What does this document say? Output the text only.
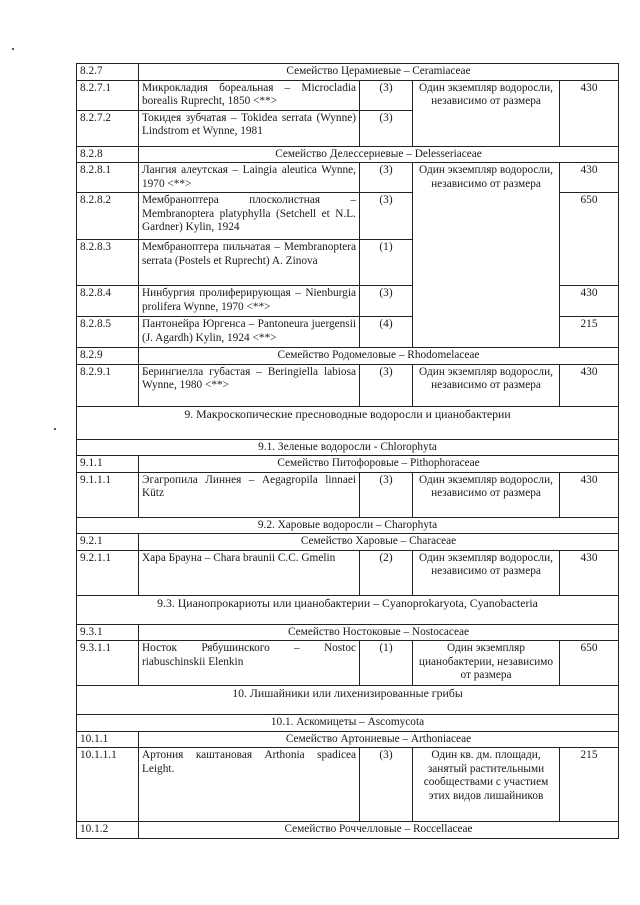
8.2.7	Семейство Церамиевые – Ceramiaceae			
8.2.7.1	Микрокладия бореальная – Microcladia borealis Ruprecht, 1850 <**>	(3)	Один экземпляр водоросли, независимо от размера	430
8.2.7.2	Токидея зубчатая – Tokidea serrata (Wynne) Lindstrom et Wynne, 1981	(3)		
8.2.8	Семейство Делессериевые – Delesseriaceae			
8.2.8.1	Лангия алеутская – Laingia aleutica Wynne, 1970 <**>	(3)	Один экземпляр водоросли, независимо от размера	430
8.2.8.2	Мембраноптера плосколистная – Membranoptera platyphylla (Setchell et N.L. Gardner) Kylin, 1924	(3)		650
8.2.8.3	Мембраноптера пильчатая – Membranoptera serrata (Postels et Ruprecht) A. Zinova	(1)		
8.2.8.4	Нинбургия пролиферирующая – Nienburgia prolifera Wynne, 1970 <**>	(3)		430
8.2.8.5	Пантонейра Юргенса – Pantoneura juergensii (J. Agardh) Kylin, 1924 <**>	(4)		215
8.2.9	Семейство Родомеловые – Rhodomelaceae			
8.2.9.1	Берингиелла губастая – Beringiella labiosa Wynne, 1980 <**>	(3)	Один экземпляр водоросли, независимо от размера	430
9. Макроскопические пресноводные водоросли и цианобактерии				
9.1. Зеленые водоросли - Chlorophyta				
9.1.1	Семейство Питофоровые – Pithophoraceae			
9.1.1.1	Эгагропила Линнея – Aegagropila linnaei Kütz	(3)	Один экземпляр водоросли, независимо от размера	430
9.2. Харовые водоросли – Charophyta				
9.2.1	Семейство Харовые – Characeae			
9.2.1.1	Хара Брауна – Chara braunii C.C. Gmelin	(2)	Один экземпляр водоросли, независимо от размера	430
9.3. Цианопрокариоты или цианобактерии – Cyanoprokaryota, Cyanobacteria				
9.3.1	Семейство Ностоковые – Nostocaceae			
9.3.1.1	Носток Рябушинского – Nostoc riabuschinskii Elenkin	(1)	Один экземпляр цианобактерии, независимо от размера	650
10. Лишайники или лихенизированные грибы				
10.1. Аскомицеты – Ascomycota				
10.1.1	Семейство Артониевые – Arthoniaceae			
10.1.1.1	Артония каштановая Arthonia spadicea Leight.	(3)	Один кв. дм. площади, занятый растительными сообществами с участием этих видов лишайников	215
10.1.2	Семейство Роччелловые – Roccellaceae			
